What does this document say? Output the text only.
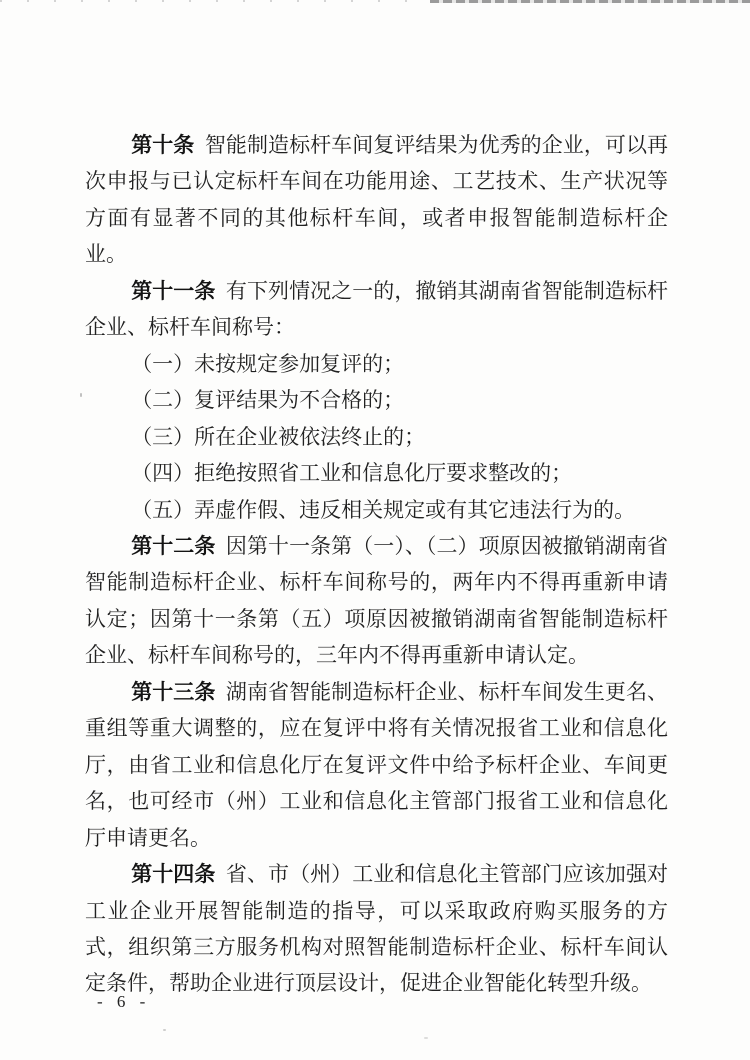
第十条 智能制造标杆车间复评结果为优秀的企业，可以再次申报与已认定标杆车间在功能用途、工艺技术、生产状况等方面有显著不同的其他标杆车间，或者申报智能制造标杆企业。

第十一条 有下列情况之一的，撤销其湖南省智能制造标杆企业、标杆车间称号：

（一）未按规定参加复评的；

（二）复评结果为不合格的；

（三）所在企业被依法终止的；

（四）拒绝按照省工业和信息化厅要求整改的；

（五）弄虚作假、违反相关规定或有其它违法行为的。

第十二条 因第十一条第（一）、（二）项原因被撤销湖南省智能制造标杆企业、标杆车间称号的，两年内不得再重新申请认定；因第十一条第（五）项原因被撤销湖南省智能制造标杆企业、标杆车间称号的，三年内不得再重新申请认定。

第十三条 湖南省智能制造标杆企业、标杆车间发生更名、重组等重大调整的，应在复评中将有关情况报省工业和信息化厅，由省工业和信息化厅在复评文件中给予标杆企业、车间更名，也可经市（州）工业和信息化主管部门报省工业和信息化厅申请更名。

第十四条 省、市（州）工业和信息化主管部门应该加强对工业企业开展智能制造的指导，可以采取政府购买服务的方式，组织第三方服务机构对照智能制造标杆企业、标杆车间认定条件，帮助企业进行顶层设计，促进企业智能化转型升级。

- 6 -
